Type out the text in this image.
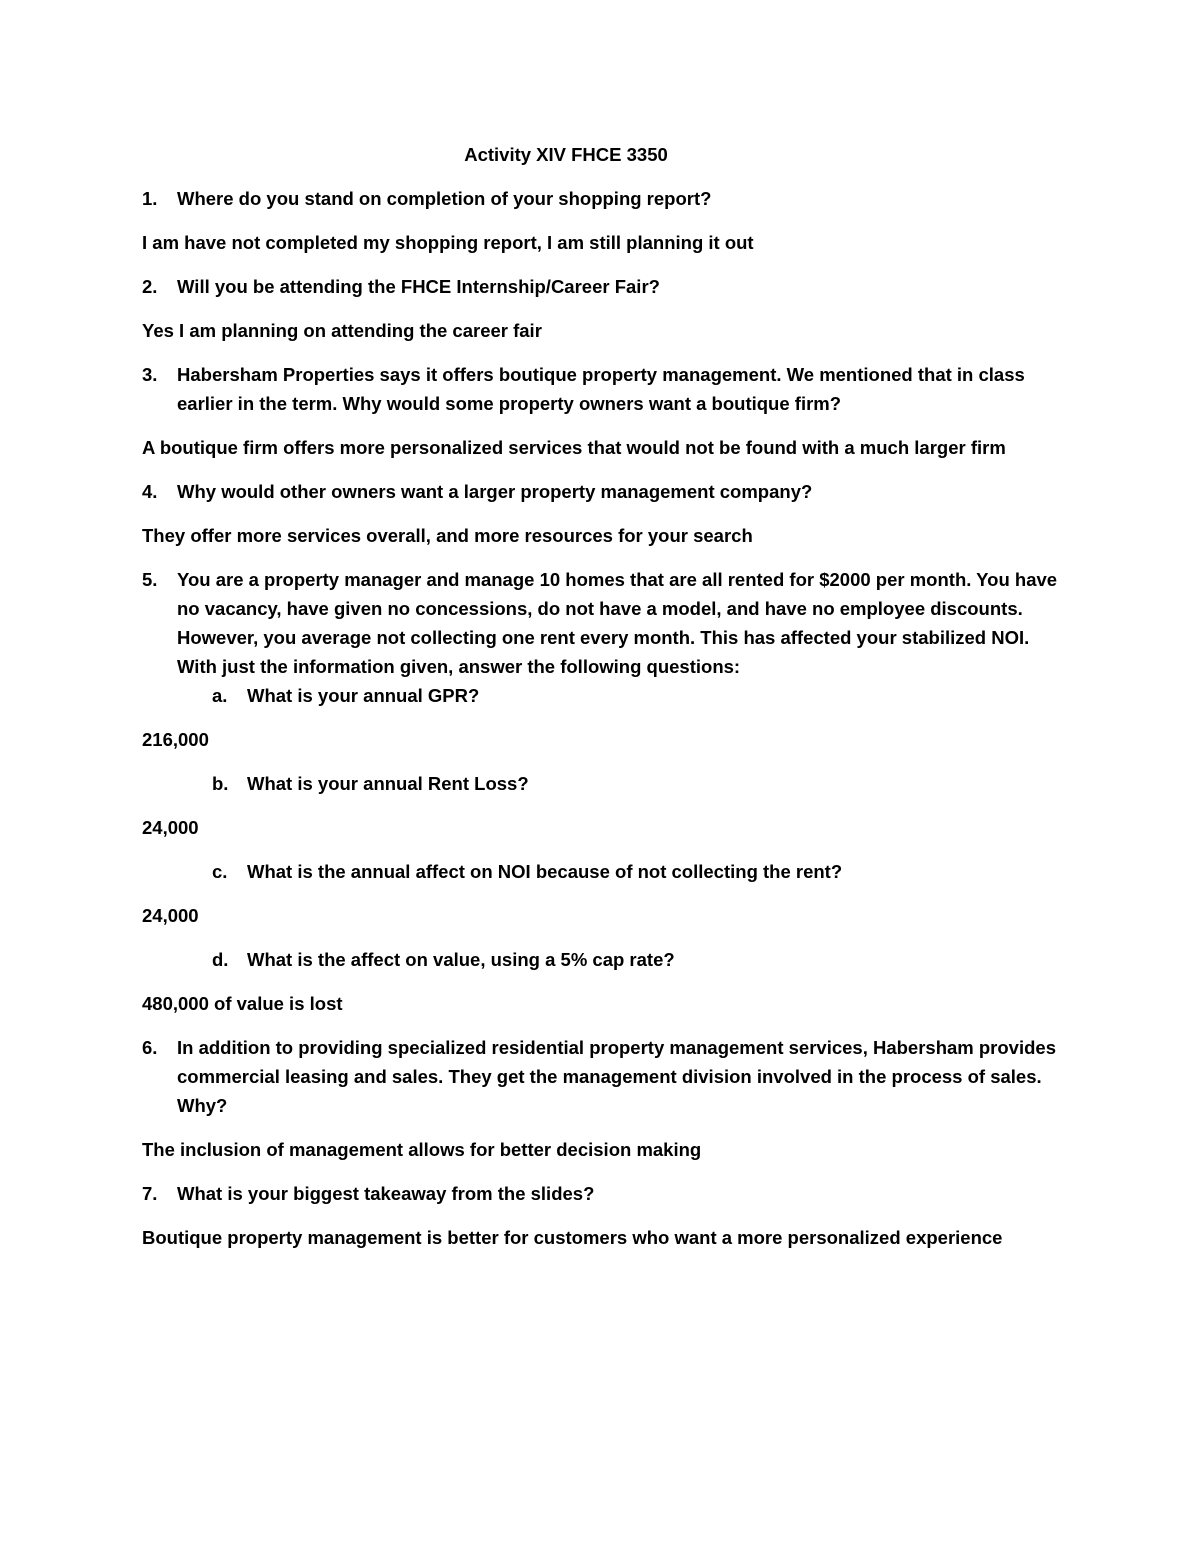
Activity XIV FHCE 3350
1.	Where do you stand on completion of your shopping report?
I am have not completed my shopping report, I am still planning it out
2.	Will you be attending the FHCE Internship/Career Fair?
Yes I am planning on attending the career fair
3.	Habersham Properties says it offers boutique property management. We mentioned that in class earlier in the term. Why would some property owners want a boutique firm?
A boutique firm offers more personalized services that would not be found with a much larger firm
4.	Why would other owners want a larger property management company?
They offer more services overall, and more resources for your search
5.	You are a property manager and manage 10 homes that are all rented for $2000 per month. You have no vacancy, have given no concessions, do not have a model, and have no employee discounts. However, you average not collecting one rent every month. This has affected your stabilized NOI. With just the information given, answer the following questions:
a.	What is your annual GPR?
216,000
b.	What is your annual Rent Loss?
24,000
c.	What is the annual affect on NOI because of not collecting the rent?
24,000
d.	What is the affect on value, using a 5% cap rate?
480,000 of value is lost
6.	In addition to providing specialized residential property management services, Habersham provides commercial leasing and sales. They get the management division involved in the process of sales. Why?
The inclusion of management allows for better decision making
7.	What is your biggest takeaway from the slides?
Boutique property management is better for customers who want a more personalized experience
